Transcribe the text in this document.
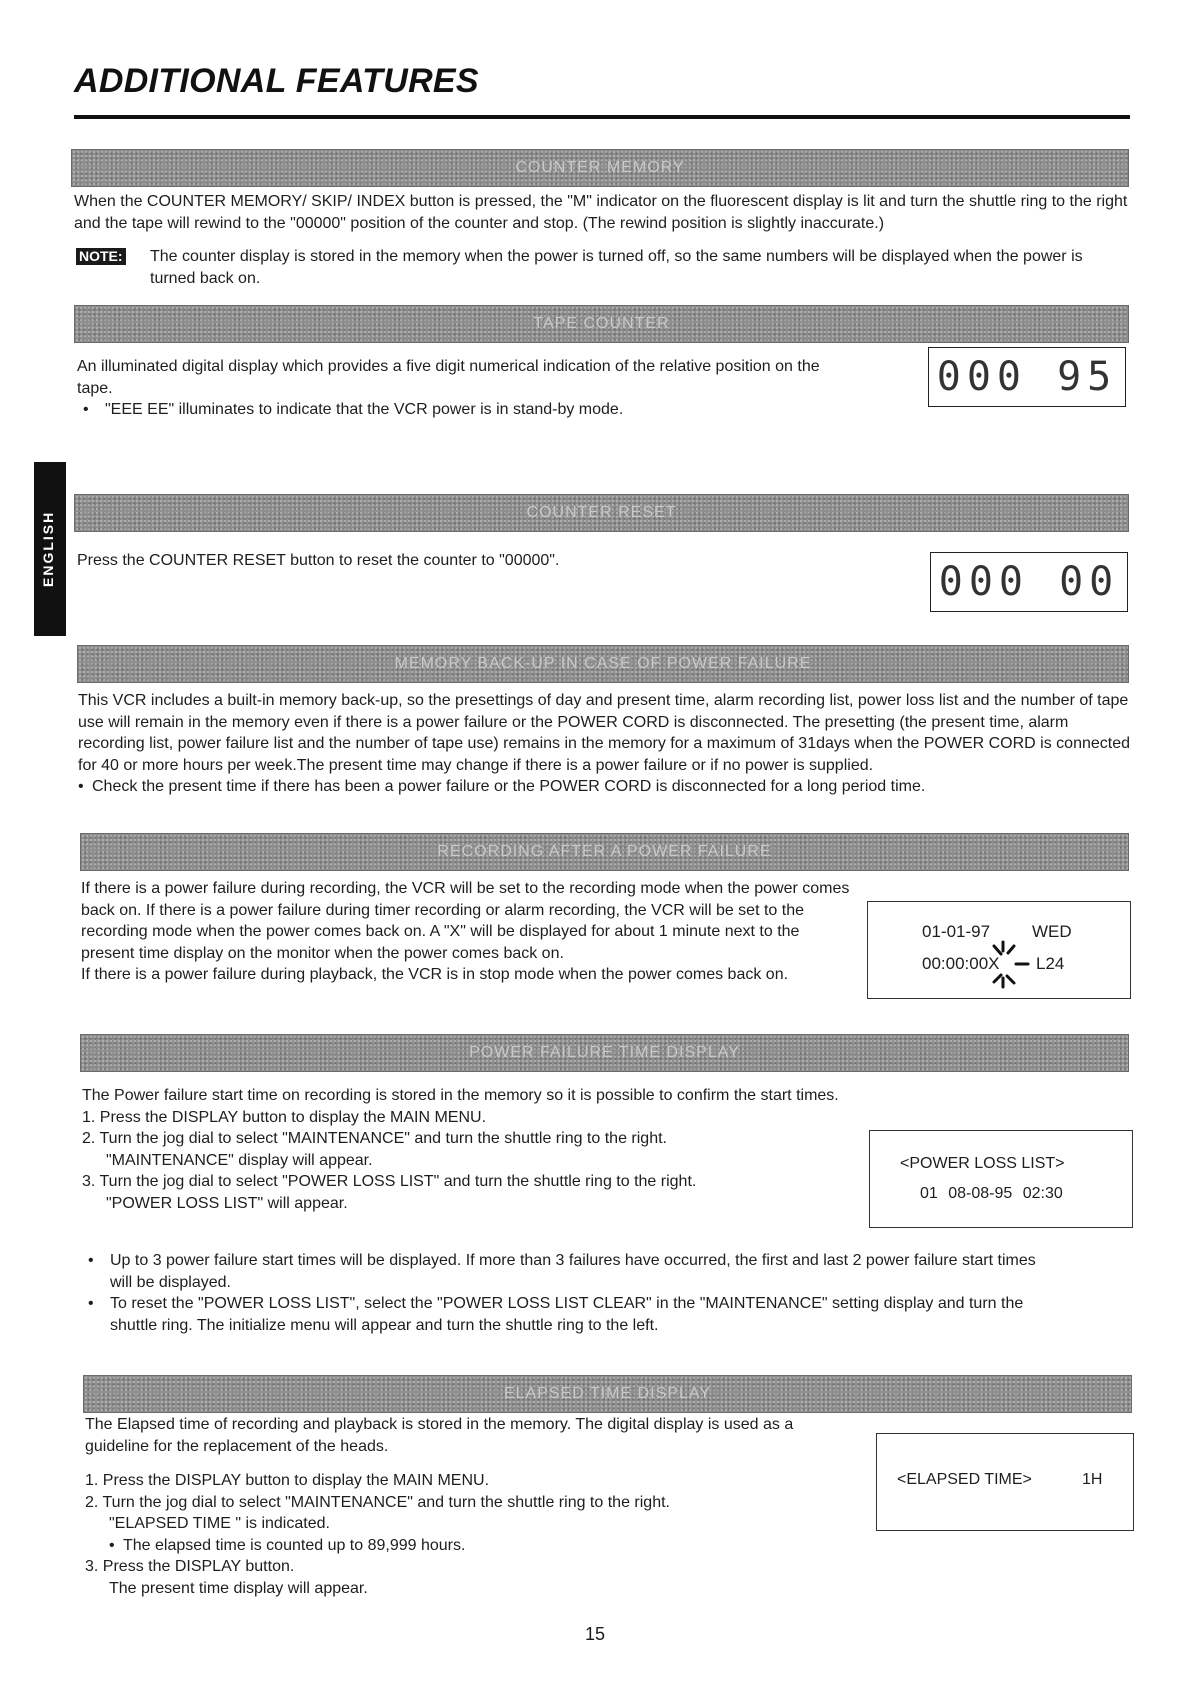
ADDITIONAL FEATURES
ENGLISH
COUNTER MEMORY

When the COUNTER MEMORY/ SKIP/ INDEX button is pressed, the "M" indicator on the fluorescent display is lit and turn the shuttle ring to the right and the tape will rewind to the "00000" position of the counter and stop. (The rewind position is slightly inaccurate.)

NOTE: The counter display is stored in the memory when the power is turned off, so the same numbers will be displayed when the power is turned back on.
TAPE COUNTER

An illuminated digital display which provides a five digit numerical indication of the relative position on the tape.

• "EEE EE" illuminates to indicate that the VCR power is in stand-by mode.

000 95
COUNTER RESET

Press the COUNTER RESET button to reset the counter to "00000".	000 00
MEMORY BACK-UP IN CASE OF POWER FAILURE

This VCR includes a built-in memory back-up, so the presettings of day and present time, alarm recording list, power loss list and the number of tape use will remain in the memory even if there is a power failure or the POWER CORD is disconnected. The presetting (the present time, alarm recording list, power failure list and the number of tape use) remains in the memory for a maximum of 31days when the POWER CORD is connected for 40 or more hours per week.The present time may change if there is a power failure or if no power is supplied.

• Check the present time if there has been a power failure or the POWER CORD is disconnected for a long period time.

RECORDING AFTER A POWER FAILURE

If there is a power failure during recording, the VCR will be set to the recording mode when the power comes back on. If there is a power failure during timer recording or alarm recording, the VCR will be set to the recording mode when the power comes back on. A "X" will be displayed for about 1 minute next to the present time display on the monitor when the power comes back on.

If there is a power failure during playback, the VCR is in stop mode when the power comes back on.

01-01-97 WED
00:00:00X L24
POWER FAILURE TIME DISPLAY

The Power failure start time on recording is stored in the memory so it is possible to confirm the start times.

1. Press the DISPLAY button to display the MAIN MENU.

2. Turn the jog dial to select "MAINTENANCE" and turn the shuttle ring to the right.

"MAINTENANCE" display will appear.

3. Turn the jog dial to select "POWER LOSS LIST" and turn the shuttle ring to the right.

"POWER LOSS LIST" will appear.

• Up to 3 power failure start times will be displayed. If more than 3 failures have occurred, the first and last 2 power failure start times will be displayed.

• To reset the "POWER LOSS LIST", select the "POWER LOSS LIST CLEAR" in the "MAINTENANCE" setting display and turn the shuttle ring. The initialize menu will appear and turn the shuttle ring to the left.

<POWER LOSS LIST>
01 08-08-95 02:30
ELAPSED TIME DISPLAY

The Elapsed time of recording and playback is stored in the memory. The digital display is used as a guideline for the replacement of the heads.

1. Press the DISPLAY button to display the MAIN MENU.

2. Turn the jog dial to select "MAINTENANCE" and turn the shuttle ring to the right.

"ELAPSED TIME " is indicated.

• The elapsed time is counted up to 89,999 hours.

3. Press the DISPLAY button.

The present time display will appear.

<ELAPSED TIME>	1H
15
